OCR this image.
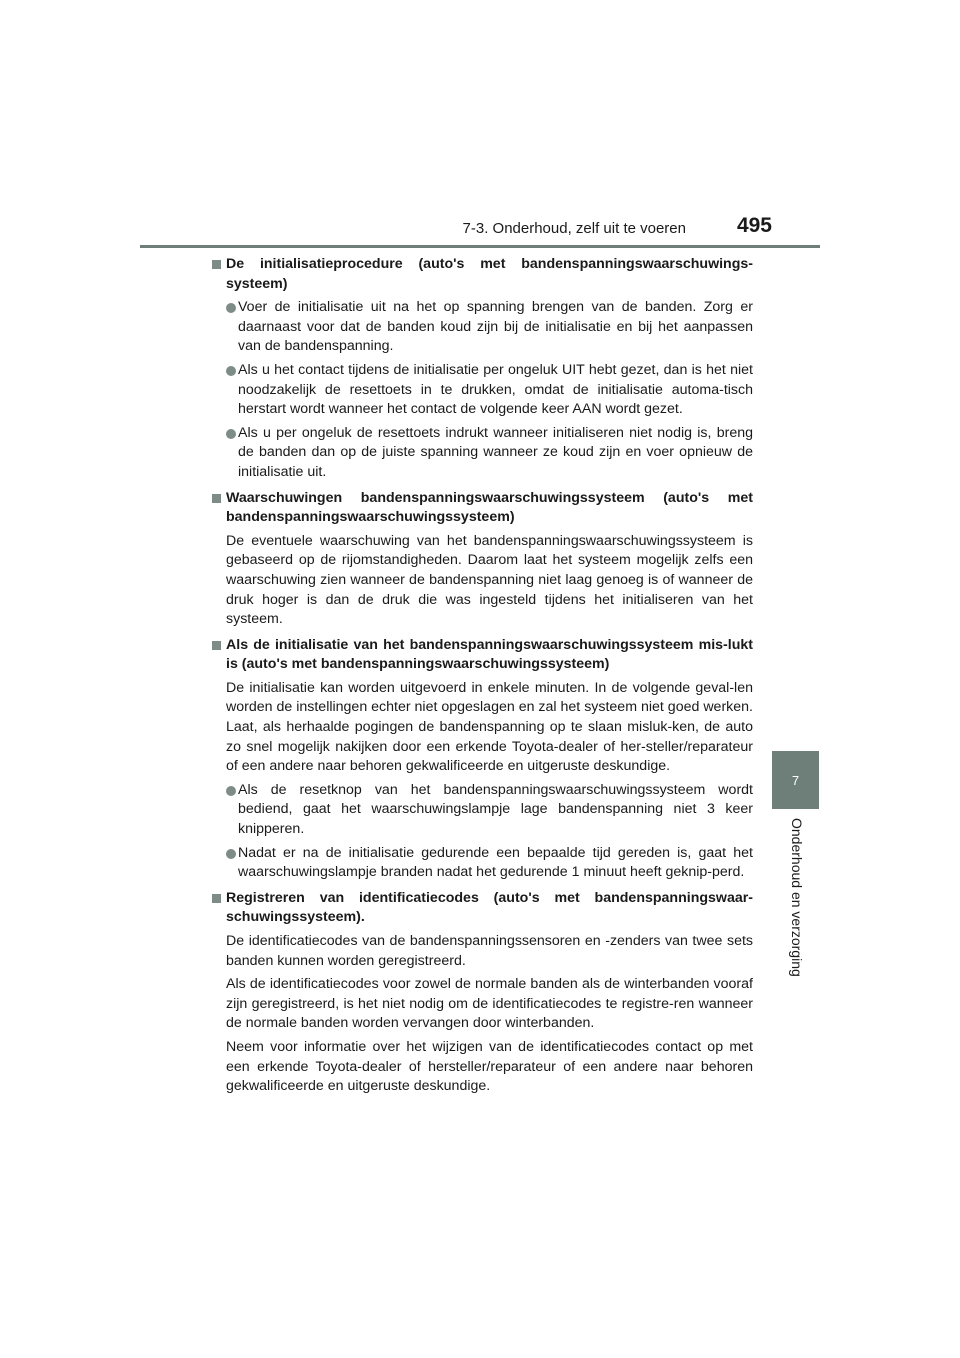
7-3. Onderhoud, zelf uit te voeren 495
7
Onderhoud en verzorging
De initialisatieprocedure (auto's met bandenspanningswaarschuwings-systeem)
Voer de initialisatie uit na het op spanning brengen van de banden. Zorg er daarnaast voor dat de banden koud zijn bij de initialisatie en bij het aanpassen van de bandenspanning.
Als u het contact tijdens de initialisatie per ongeluk UIT hebt gezet, dan is het niet noodzakelijk de resettoets in te drukken, omdat de initialisatie automa-tisch herstart wordt wanneer het contact de volgende keer AAN wordt gezet.
Als u per ongeluk de resettoets indrukt wanneer initialiseren niet nodig is, breng de banden dan op de juiste spanning wanneer ze koud zijn en voer opnieuw de initialisatie uit.
Waarschuwingen bandenspanningswaarschuwingssysteem (auto's met bandenspanningswaarschuwingssysteem)
De eventuele waarschuwing van het bandenspanningswaarschuwingssysteem is gebaseerd op de rijomstandigheden. Daarom laat het systeem mogelijk zelfs een waarschuwing zien wanneer de bandenspanning niet laag genoeg is of wanneer de druk hoger is dan de druk die was ingesteld tijdens het initialiseren van het systeem.
Als de initialisatie van het bandenspanningswaarschuwingssysteem mis-lukt is (auto's met bandenspanningswaarschuwingssysteem)
De initialisatie kan worden uitgevoerd in enkele minuten. In de volgende geval-len worden de instellingen echter niet opgeslagen en zal het systeem niet goed werken. Laat, als herhaalde pogingen de bandenspanning op te slaan misluk-ken, de auto zo snel mogelijk nakijken door een erkende Toyota-dealer of her-steller/reparateur of een andere naar behoren gekwalificeerde en uitgeruste deskundige.
Als de resetknop van het bandenspanningswaarschuwingssysteem wordt bediend, gaat het waarschuwingslampje lage bandenspanning niet 3 keer knipperen.
Nadat er na de initialisatie gedurende een bepaalde tijd gereden is, gaat het waarschuwingslampje branden nadat het gedurende 1 minuut heeft geknip-perd.
Registreren van identificatiecodes (auto's met bandenspanningswaar-schuwingssysteem).
De identificatiecodes van de bandenspanningssensoren en -zenders van twee sets banden kunnen worden geregistreerd.
Als de identificatiecodes voor zowel de normale banden als de winterbanden vooraf zijn geregistreerd, is het niet nodig om de identificatiecodes te registre-ren wanneer de normale banden worden vervangen door winterbanden.
Neem voor informatie over het wijzigen van de identificatiecodes contact op met een erkende Toyota-dealer of hersteller/reparateur of een andere naar behoren gekwalificeerde en uitgeruste deskundige.
